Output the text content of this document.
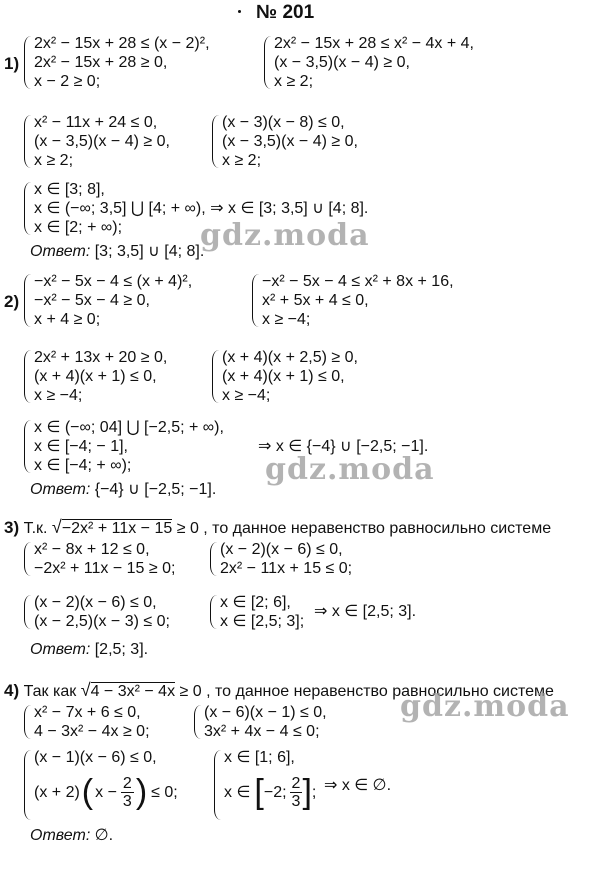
№ 201
1)
2x² − 15x + 28 ≤ (x − 2)²,
2x² − 15x + 28 ≥ 0,
x − 2 ≥ 0;
2x² − 15x + 28 ≤ x² − 4x + 4,
(x − 3,5)(x − 4) ≥ 0,
x ≥ 2;
x² − 11x + 24 ≤ 0,
(x − 3,5)(x − 4) ≥ 0,
x ≥ 2;
(x − 3)(x − 8) ≤ 0,
(x − 3,5)(x − 4) ≥ 0,
x ≥ 2;
x ∈ [3; 8],
x ∈ (−∞; 3,5] ⋃ [4; + ∞), ⇒ x ∈ [3; 3,5] ∪ [4; 8].
x ∈ [2; + ∞);
Ответ: [3; 3,5] ∪ [4; 8].
gdz.moda
2)
−x² − 5x − 4 ≤ (x + 4)²,
−x² − 5x − 4 ≥ 0,
x + 4 ≥ 0;
−x² − 5x − 4 ≤ x² + 8x + 16,
x² + 5x + 4 ≤ 0,
x ≥ −4;
2x² + 13x + 20 ≥ 0,
(x + 4)(x + 1) ≤ 0,
x ≥ −4;
(x + 4)(x + 2,5) ≥ 0,
(x + 4)(x + 1) ≤ 0,
x ≥ −4;
x ∈ (−∞; 04] ⋃ [−2,5; + ∞),
x ∈ [−4; − 1],
x ∈ [−4; + ∞);
⇒ x ∈ {−4} ∪ [−2,5; −1].
Ответ: {−4} ∪ [−2,5; −1].
gdz.moda
3) Т.к. √−2x² + 11x − 15 ≥ 0 , то данное неравенство равносильно системе
x² − 8x + 12 ≤ 0,
−2x² + 11x − 15 ≥ 0;
(x − 2)(x − 6) ≤ 0,
2x² − 11x + 15 ≤ 0;
(x − 2)(x − 6) ≤ 0,
(x − 2,5)(x − 3) ≤ 0;
x ∈ [2; 6],
x ∈ [2,5; 3];
⇒ x ∈ [2,5; 3].
Ответ: [2,5; 3].
4) Так как √4 − 3x² − 4x ≥ 0 , то данное неравенство равносильно системе
gdz.moda
x² − 7x + 6 ≤ 0,
4 − 3x² − 4x ≥ 0;
(x − 6)(x − 1) ≤ 0,
3x² + 4x − 4 ≤ 0;
(x − 1)(x − 6) ≤ 0,
(x + 2) ( $x - \frac{2}{3}$ ) ≤ 0;
x ∈ [1; 6],
x ∈ [ −2; $\frac{2}{3}$ ] ; ⇒ x ∈ ∅.
Ответ: ∅.
